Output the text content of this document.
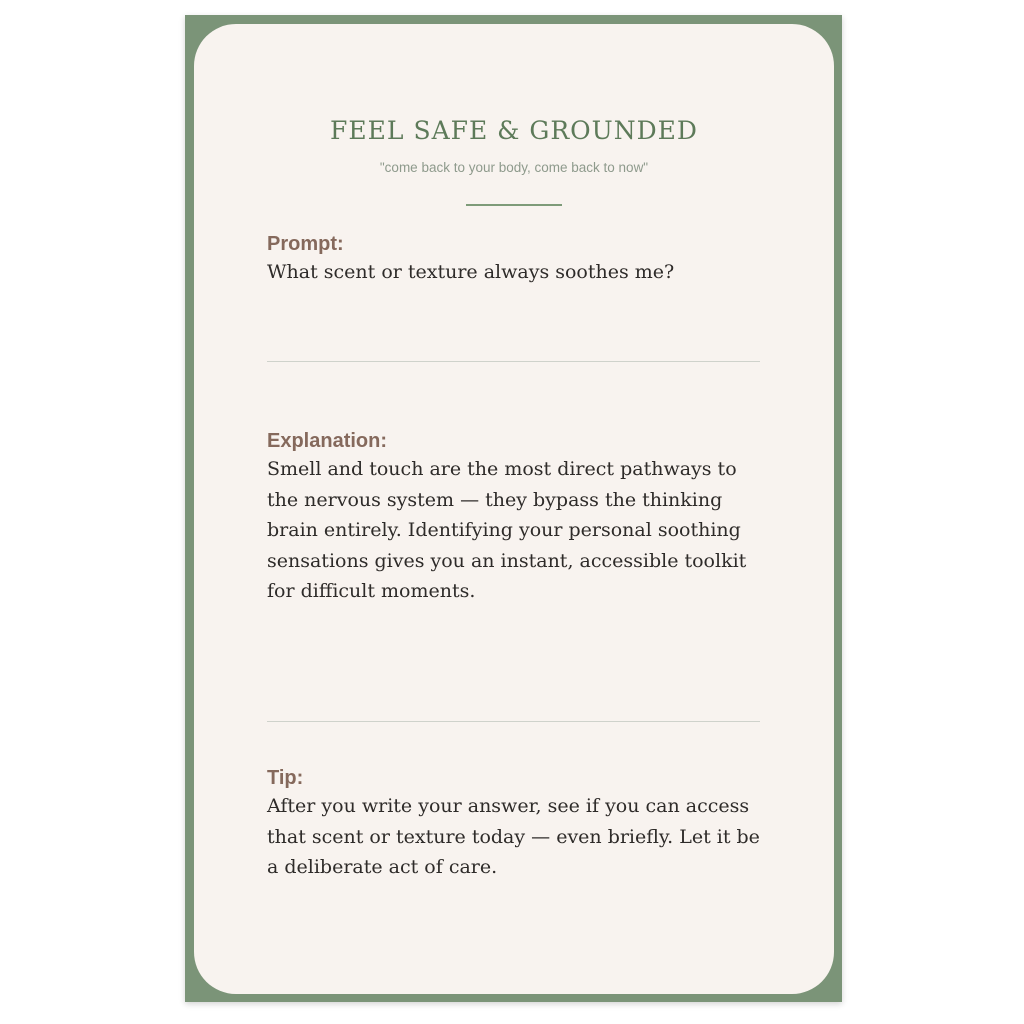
FEEL SAFE & GROUNDED
"come back to your body, come back to now"
Prompt:

What scent or texture always soothes me?

Explanation:

Smell and touch are the most direct pathways to the nervous system — they bypass the thinking brain entirely. Identifying your personal soothing sensations gives you an instant, accessible toolkit for difficult moments.

Tip:

After you write your answer, see if you can access that scent or texture today — even briefly. Let it be a deliberate act of care.
